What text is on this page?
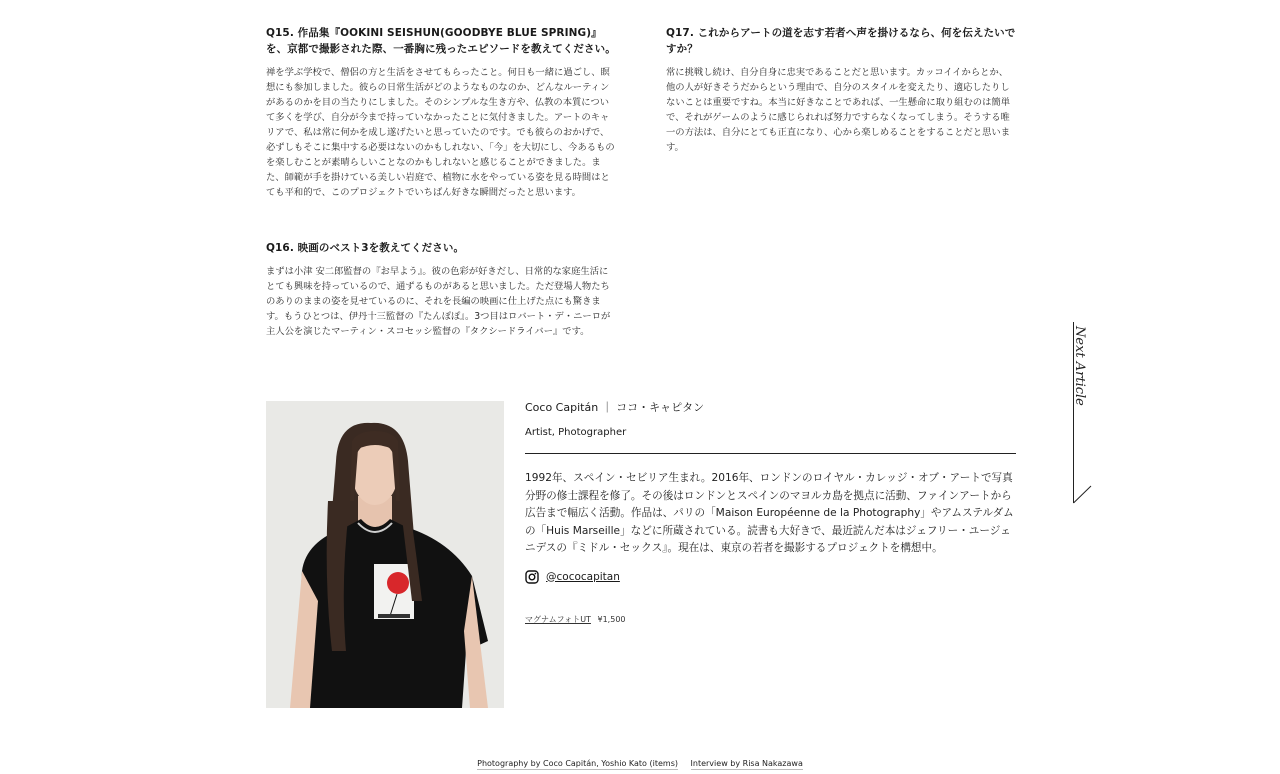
Q15. 作品集『OOKINI SEISHUN(GOODBYE BLUE SPRING)』を、京都で撮影された際、一番胸に残ったエピソードを教えてください。

禅を学ぶ学校で、僧侶の方と生活をさせてもらったこと。何日も一緒に過ごし、瞑想にも参加しました。彼らの日常生活がどのようなものなのか、どんなルーティンがあるのかを目の当たりにしました。そのシンプルな生き方や、仏教の本質について多くを学び、自分が今まで持っていなかったことに気付きました。アートのキャリアで、私は常に何かを成し遂げたいと思っていたのです。でも彼らのおかげで、必ずしもそこに集中する必要はないのかもしれない、「今」を大切にし、今あるものを楽しむことが素晴らしいことなのかもしれないと感じることができました。また、師範が手を掛けている美しい岩庭で、植物に水をやっている姿を見る時間はとても平和的で、このプロジェクトでいちばん好きな瞬間だったと思います。

Q17. これからアートの道を志す若者へ声を掛けるなら、何を伝えたいですか？

常に挑戦し続け、自分自身に忠実であることだと思います。カッコイイからとか、他の人が好きそうだからという理由で、自分のスタイルを変えたり、適応したりしないことは重要ですね。本当に好きなことであれば、一生懸命に取り組むのは簡単で、それがゲームのように感じられれば努力ですらなくなってしまう。そうする唯一の方法は、自分にとても正直になり、心から楽しめることをすることだと思います。

Q16. 映画のベスト3を教えてください。

まずは小津 安二郎監督の『お早よう』。彼の色彩が好きだし、日常的な家庭生活にとても興味を持っているので、通ずるものがあると思いました。ただ登場人物たちのありのままの姿を見せているのに、それを長編の映画に仕上げた点にも驚きます。もうひとつは、伊丹十三監督の『たんぽぽ』。3つ目はロバート・デ・ニーロが主人公を演じたマーティン・スコセッシ監督の『タクシードライバー』です。	Next Article

Coco Capitán ｜ ココ・キャピタン

Artist, Photographer

1992年、スペイン・セビリア生まれ。2016年、ロンドンのロイヤル・カレッジ・オブ・アートで写真分野の修士課程を修了。その後はロンドンとスペインのマヨルカ島を拠点に活動、ファインアートから広告まで幅広く活動。作品は、パリの「Maison Européenne de la Photography」やアムステルダムの「Huis Marseille」などに所蔵されている。読書も大好きで、最近読んだ本はジェフリー・ユージェニデスの『ミドル・セックス』。現在は、東京の若者を撮影するプロジェクトを構想中。

@cococapitan
マグナムフォトUT ¥1,500
Photography by Coco Capitán, Yoshio Kato (items) Interview by Risa Nakazawa
